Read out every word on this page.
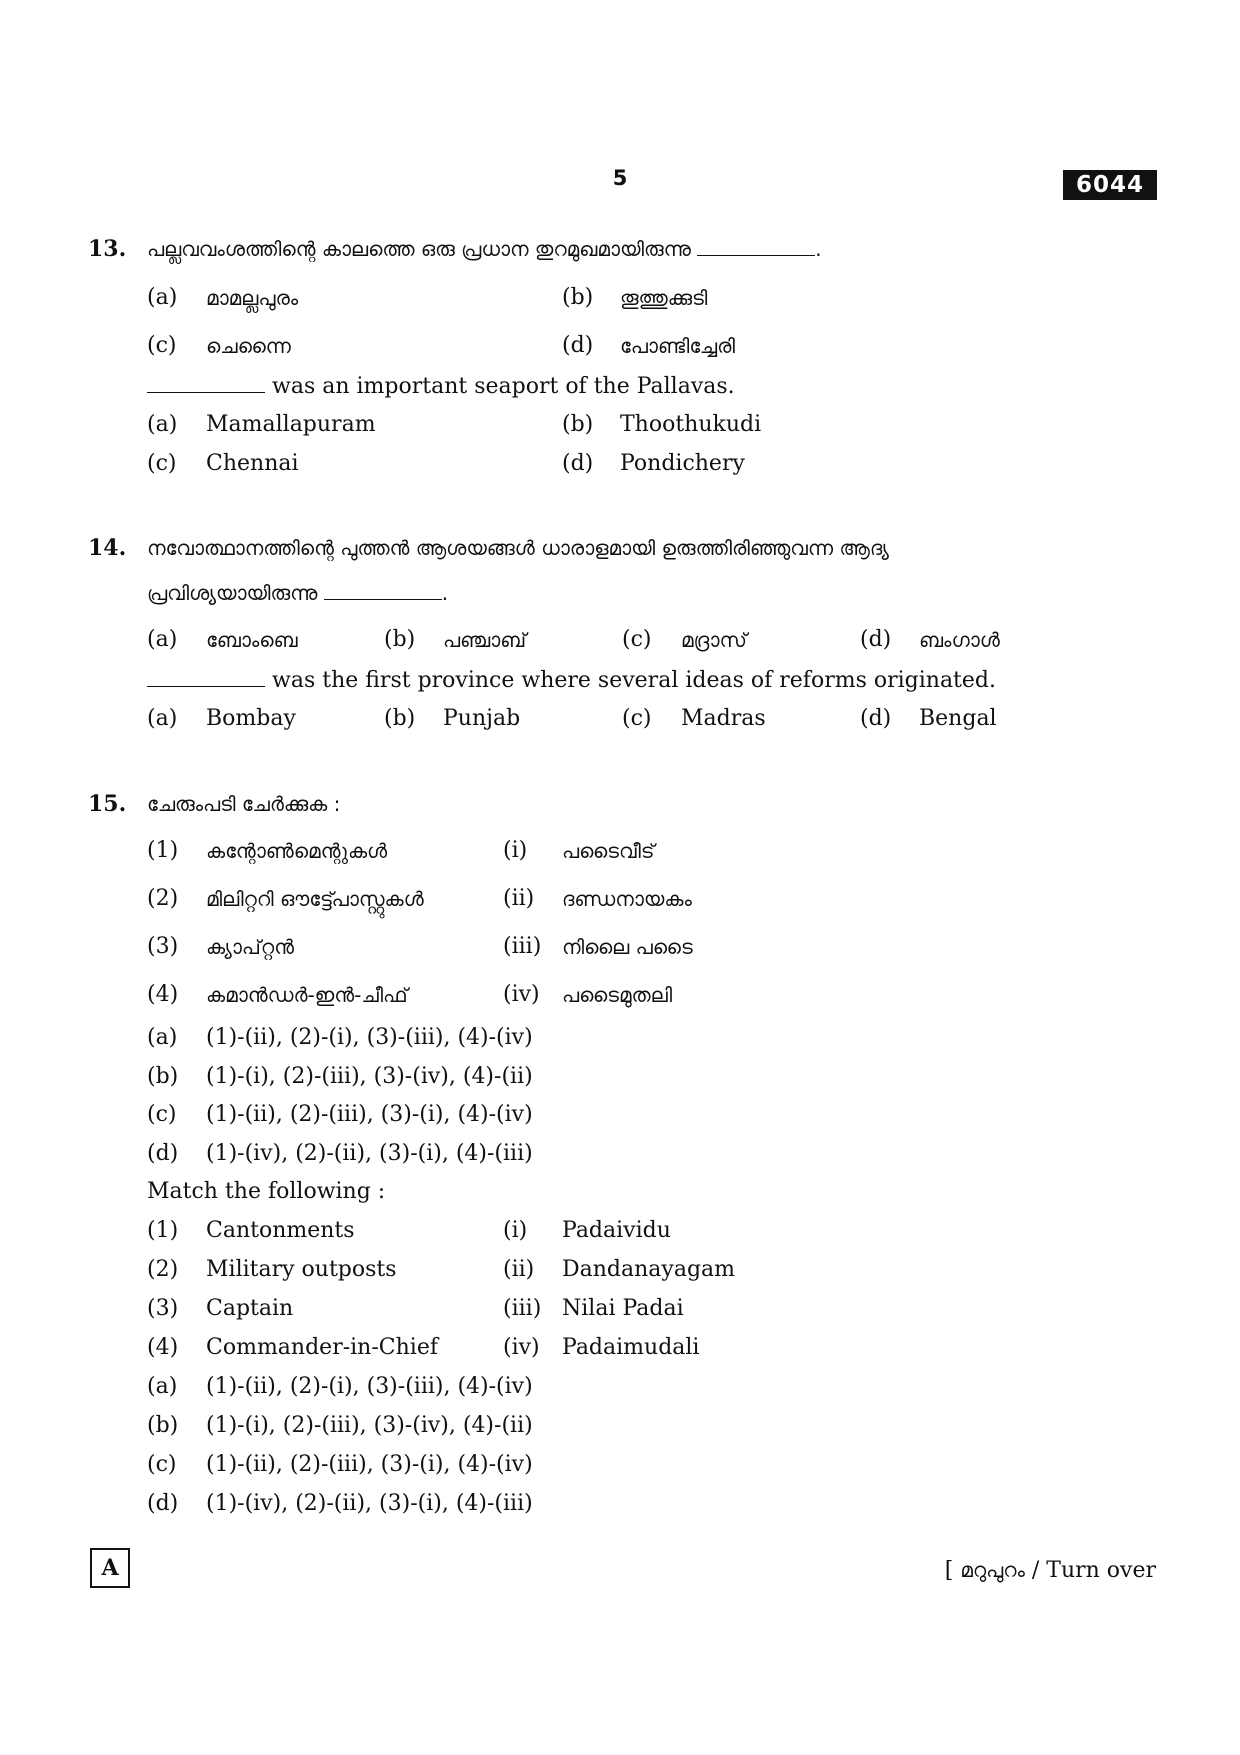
5	6044
13. പല്ലവവംശത്തിന്റെ കാലത്തെ ഒരു പ്രധാന തുറമുഖമായിരുന്നു	.
(a) മാമല്ലപുരം	(b) തൂത്തുക്കുടി
(c) ചെന്നൈ	(d) പോണ്ടിച്ചേരി
was an important seaport of the Pallavas.
(a) Mamallapuram	(b) Thoothukudi
(c) Chennai	(d) Pondichery
14. നവോത്ഥാനത്തിന്റെ പുത്തൻ ആശയങ്ങൾ ധാരാളമായി ഉരുത്തിരിഞ്ഞുവന്ന ആദ്യ
പ്രവിശ്യയായിരുന്നു	.
(a) ബോംബെ	(b) പഞ്ചാബ്	(c) മദ്രാസ്	(d) ബംഗാൾ
was the first province where several ideas of reforms originated.
(a) Bombay	(b) Punjab	(c) Madras	(d) Bengal
15. ചേരുംപടി ചേർക്കുക :
(1) കന്റോൺമെന്റുകൾ	(i) പടൈവീട്
(2) മിലിറ്ററി ഔട്ട്പോസ്റ്റുകൾ	(ii) ദണ്ഡനായകം
(3) ക്യാപ്റ്റൻ	(iii) നിലൈ പടൈ
(4) കമാൻഡർ-ഇൻ-ചീഫ്	(iv) പടൈമുതലി
(a) (1)-(ii), (2)-(i), (3)-(iii), (4)-(iv)
(b) (1)-(i), (2)-(iii), (3)-(iv), (4)-(ii)
(c) (1)-(ii), (2)-(iii), (3)-(i), (4)-(iv)
(d) (1)-(iv), (2)-(ii), (3)-(i), (4)-(iii)
Match the following :
(1) Cantonments	(i) Padaividu
(2) Military outposts	(ii) Dandanayagam
(3) Captain	(iii) Nilai Padai
(4) Commander-in-Chief	(iv) Padaimudali
(a) (1)-(ii), (2)-(i), (3)-(iii), (4)-(iv)
(b) (1)-(i), (2)-(iii), (3)-(iv), (4)-(ii)
(c) (1)-(ii), (2)-(iii), (3)-(i), (4)-(iv)
(d) (1)-(iv), (2)-(ii), (3)-(i), (4)-(iii)
A	[ മറുപുറം / Turn over
